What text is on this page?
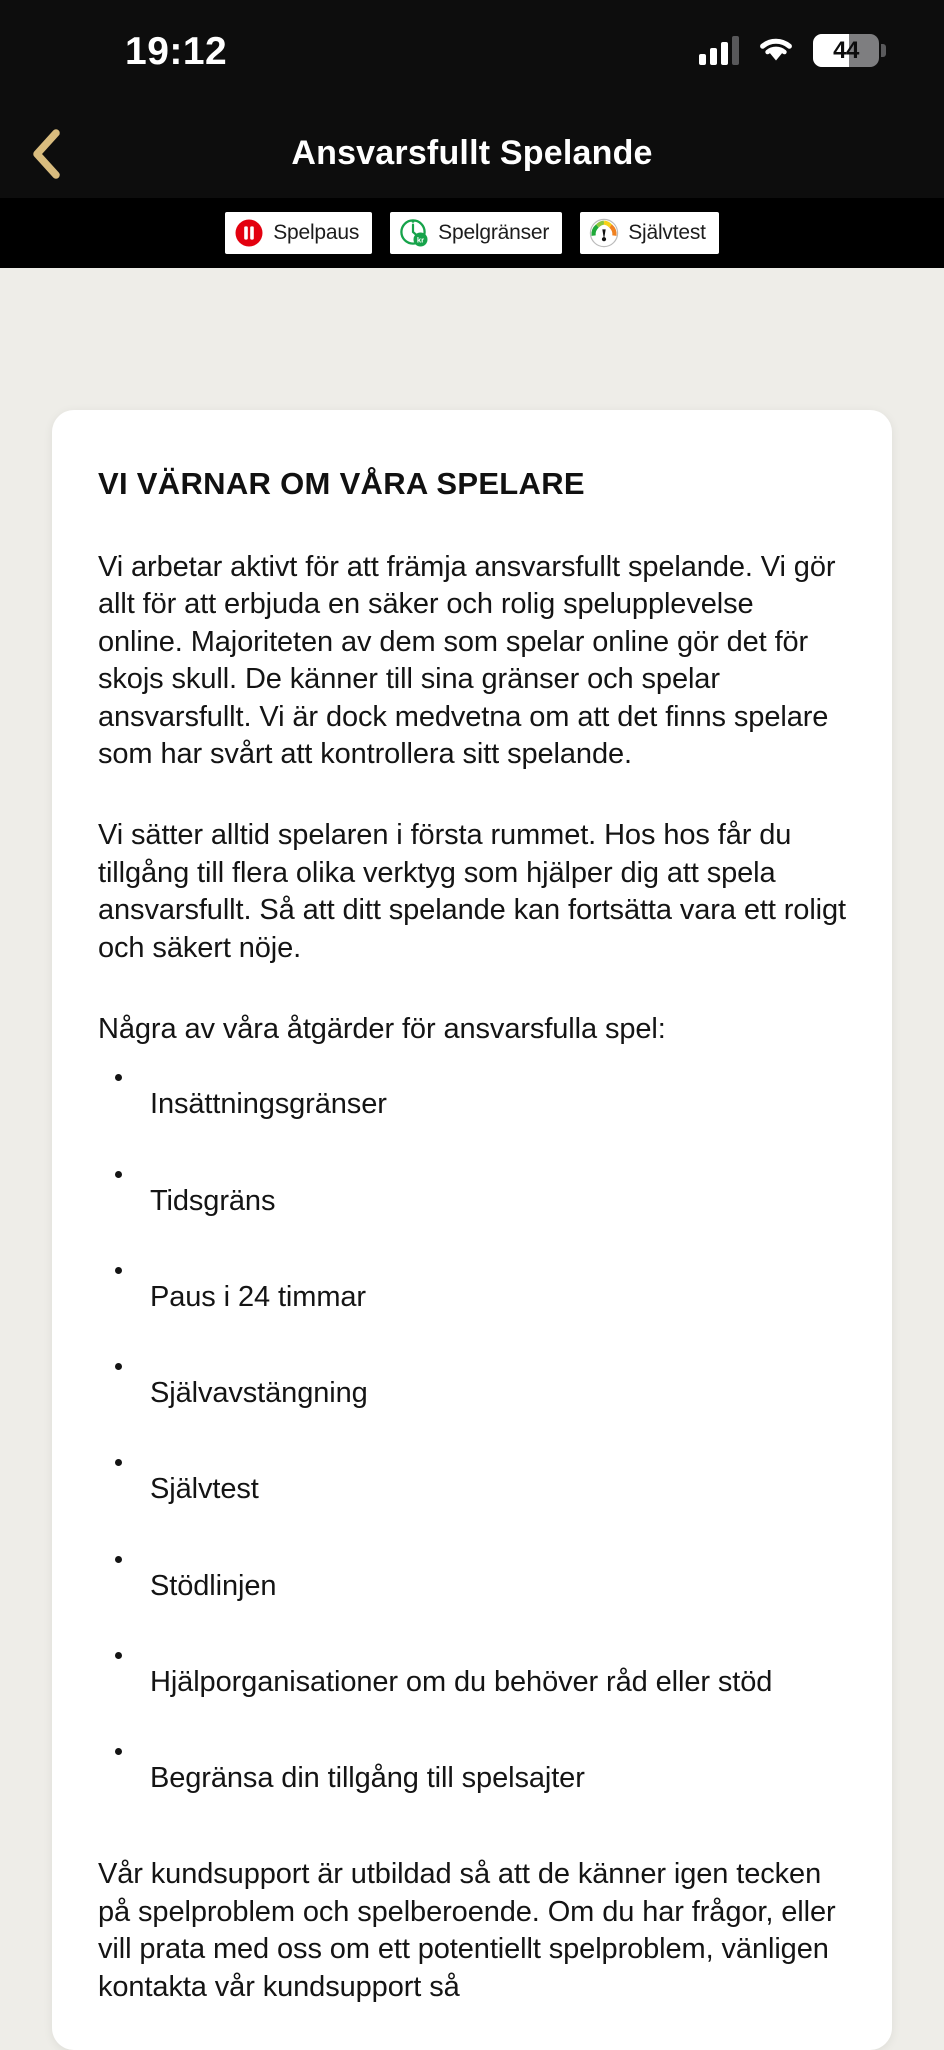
19:12	44
Ansvarsfullt Spelande
Spelpaus	kr Spelgränser	Självtest
VI VÄRNAR OM VÅRA SPELARE

Vi arbetar aktivt för att främja ansvarsfullt spelande. Vi gör allt för att erbjuda en säker och rolig spelupplevelse online. Majoriteten av dem som spelar online gör det för skojs skull. De känner till sina gränser och spelar ansvarsfullt. Vi är dock medvetna om att det finns spelare som har svårt att kontrollera sitt spelande.

Vi sätter alltid spelaren i första rummet. Hos hos får du tillgång till flera olika verktyg som hjälper dig att spela ansvarsfullt. Så att ditt spelande kan fortsätta vara ett roligt och säkert nöje.

Några av våra åtgärder för ansvarsfulla spel:

Insättningsgränser
Tidsgräns
Paus i 24 timmar
Självavstängning
Självtest
Stödlinjen
Hjälporganisationer om du behöver råd eller stöd
Begränsa din tillgång till spelsajter

Vår kundsupport är utbildad så att de känner igen tecken på spelproblem och spelberoende. Om du har frågor, eller vill prata med oss om ett potentiellt spelproblem, vänligen kontakta vår kundsupport så
